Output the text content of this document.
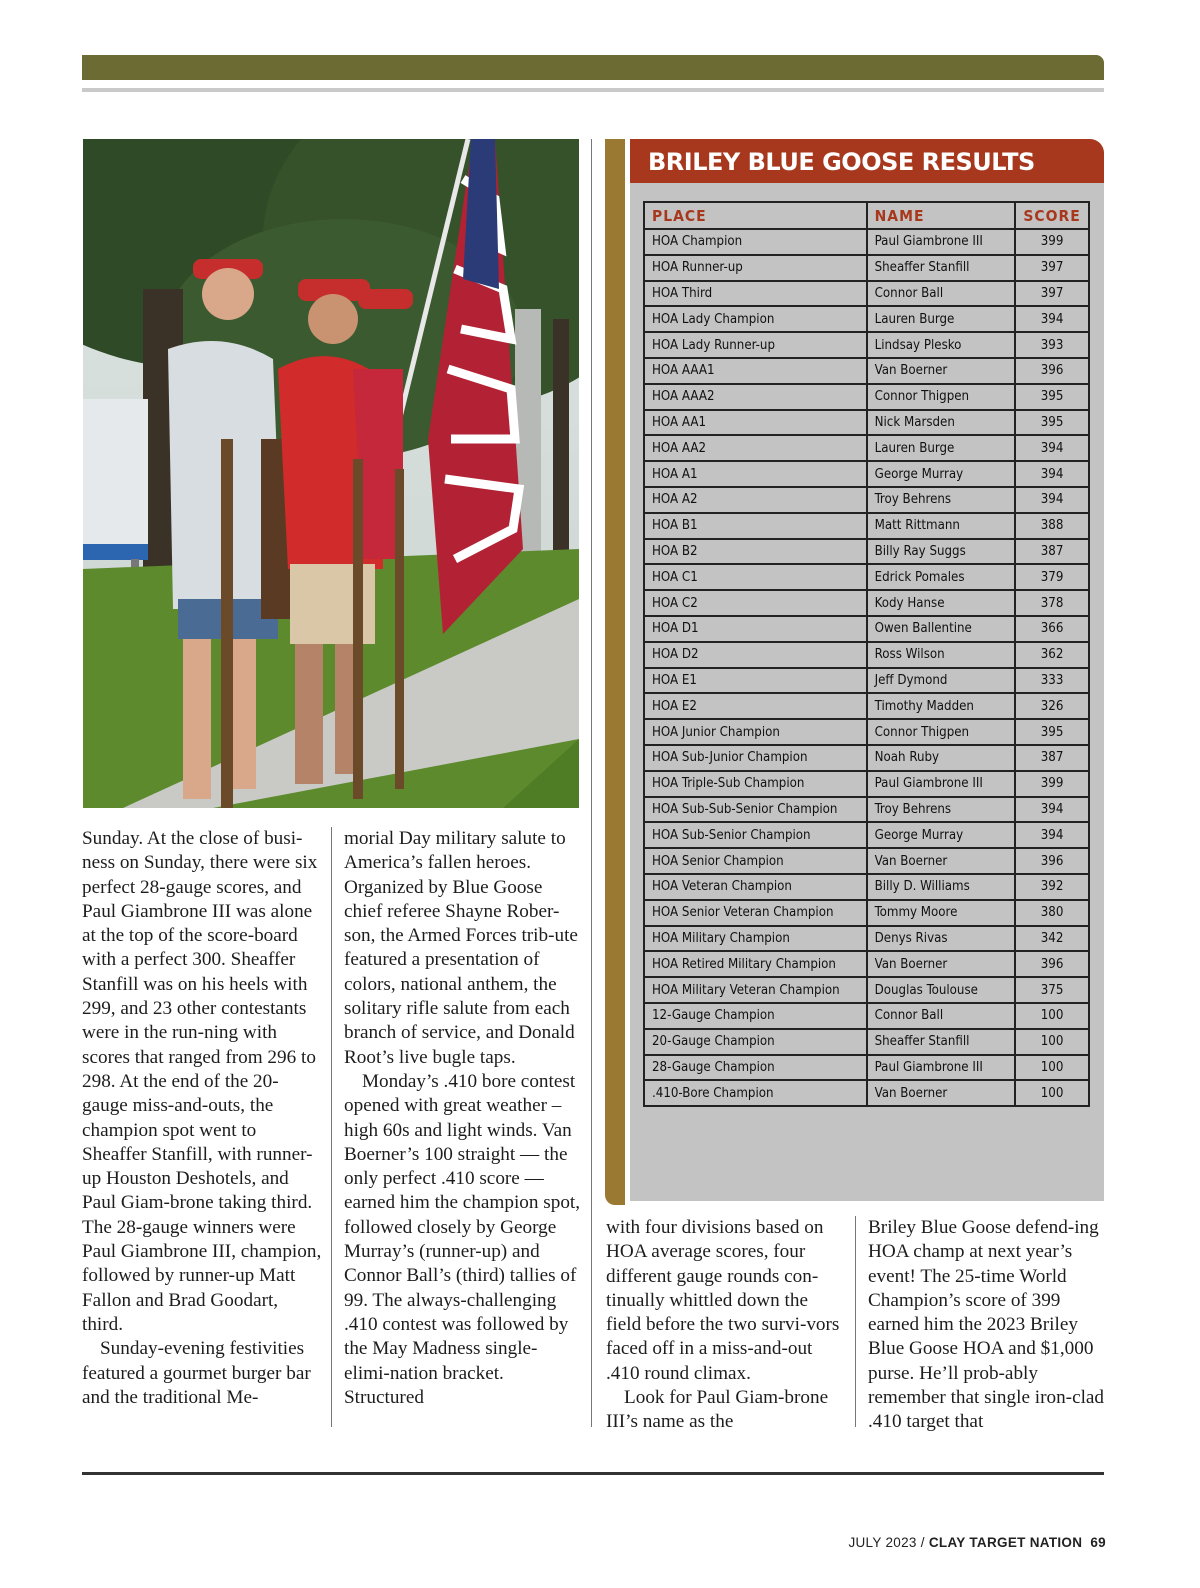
Sunday. At the close of busi-ness on Sunday, there were six perfect 28-gauge scores, and Paul Giambrone III was alone at the top of the score-board with a perfect 300. Sheaffer Stanfill was on his heels with 299, and 23 other contestants were in the run-ning with scores that ranged from 296 to 298. At the end of the 20-gauge miss-and-outs, the champion spot went to Sheaffer Stanfill, with runner-up Houston Deshotels, and Paul Giam-brone taking third. The 28-gauge winners were Paul Giambrone III, champion, followed by runner-up Matt Fallon and Brad Goodart, third.

Sunday-evening festivities featured a gourmet burger bar and the traditional Me-

morial Day military salute to America’s fallen heroes. Organized by Blue Goose chief referee Shayne Rober-son, the Armed Forces trib-ute featured a presentation of colors, national anthem, the solitary rifle salute from each branch of service, and Donald Root’s live bugle taps.

Monday’s .410 bore contest opened with great weather – high 60s and light winds. Van Boerner’s 100 straight — the only perfect .410 score — earned him the champion spot, followed closely by George Murray’s (runner-up) and Connor Ball’s (third) tallies of 99. The always-challenging .410 contest was followed by the May Madness single-elimi-nation bracket. Structured

with four divisions based on HOA average scores, four different gauge rounds con-tinually whittled down the field before the two survi-vors faced off in a miss-and-out .410 round climax.

Look for Paul Giam-brone III’s name as the

Briley Blue Goose defend-ing HOA champ at next year’s event! The 25-time World Champion’s score of 399 earned him the 2023 Briley Blue Goose HOA and $1,000 purse. He’ll prob-ably remember that single iron-clad .410 target that

BRILEY BLUE GOOSE RESULTS
PLACE	NAME	SCORE
HOA Champion	Paul Giambrone III	399
HOA Runner-up	Sheaffer Stanfill	397
HOA Third	Connor Ball	397
HOA Lady Champion	Lauren Burge	394
HOA Lady Runner-up	Lindsay Plesko	393
HOA AAA1	Van Boerner	396
HOA AAA2	Connor Thigpen	395
HOA AA1	Nick Marsden	395
HOA AA2	Lauren Burge	394
HOA A1	George Murray	394
HOA A2	Troy Behrens	394
HOA B1	Matt Rittmann	388
HOA B2	Billy Ray Suggs	387
HOA C1	Edrick Pomales	379
HOA C2	Kody Hanse	378
HOA D1	Owen Ballentine	366
HOA D2	Ross Wilson	362
HOA E1	Jeff Dymond	333
HOA E2	Timothy Madden	326
HOA Junior Champion	Connor Thigpen	395
HOA Sub-Junior Champion	Noah Ruby	387
HOA Triple-Sub Champion	Paul Giambrone III	399
HOA Sub-Sub-Senior Champion	Troy Behrens	394
HOA Sub-Senior Champion	George Murray	394
HOA Senior Champion	Van Boerner	396
HOA Veteran Champion	Billy D. Williams	392
HOA Senior Veteran Champion	Tommy Moore	380
HOA Military Champion	Denys Rivas	342
HOA Retired Military Champion	Van Boerner	396
HOA Military Veteran Champion	Douglas Toulouse	375
12-Gauge Champion	Connor Ball	100
20-Gauge Champion	Sheaffer Stanfill	100
28-Gauge Champion	Paul Giambrone III	100
.410-Bore Champion	Van Boerner	100
JULY 2023 / CLAY TARGET NATION 69
